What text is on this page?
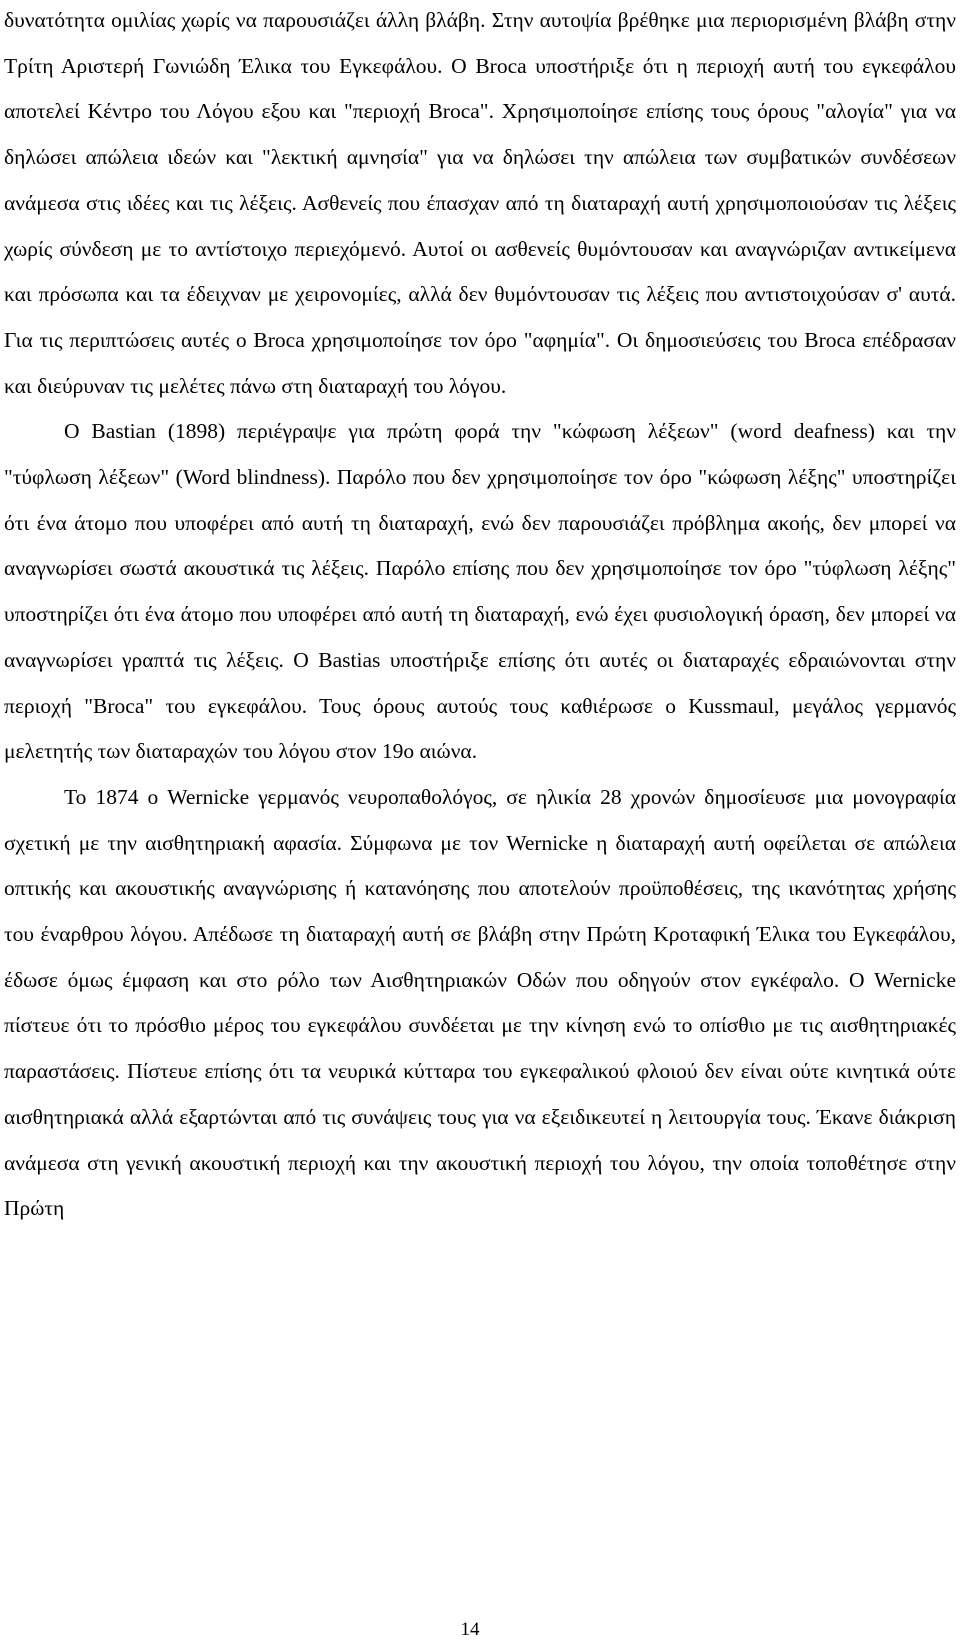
δυνατότητα ομιλίας χωρίς να παρουσιάζει άλλη βλάβη. Στην αυτοψία βρέθηκε μια περιορισμένη βλάβη στην Τρίτη Αριστερή Γωνιώδη Έλικα του Εγκεφάλου. Ο Broca υποστήριξε ότι η περιοχή αυτή του εγκεφάλου αποτελεί Κέντρο του Λόγου εξου και "περιοχή Broca". Χρησιμοποίησε επίσης τους όρους "αλογία" για να δηλώσει απώλεια ιδεών και "λεκτική αμνησία" για να δηλώσει την απώλεια των συμβατικών συνδέσεων ανάμεσα στις ιδέες και τις λέξεις. Ασθενείς που έπασχαν από τη διαταραχή αυτή χρησιμοποιούσαν τις λέξεις χωρίς σύνδεση με το αντίστοιχο περιεχόμενό. Αυτοί οι ασθενείς θυμόντουσαν και αναγνώριζαν αντικείμενα και πρόσωπα και τα έδειχναν με χειρονομίες, αλλά δεν θυμόντουσαν τις λέξεις που αντιστοιχούσαν σ' αυτά. Για τις περιπτώσεις αυτές ο Broca χρησιμοποίησε τον όρο "αφημία". Οι δημοσιεύσεις του Broca επέδρασαν και διεύρυναν τις μελέτες πάνω στη διαταραχή του λόγου.

Ο Bastian (1898) περιέγραψε για πρώτη φορά την "κώφωση λέξεων" (word deafness) και την "τύφλωση λέξεων" (Word blindness). Παρόλο που δεν χρησιμοποίησε τον όρο "κώφωση λέξης" υποστηρίζει ότι ένα άτομο που υποφέρει από αυτή τη διαταραχή, ενώ δεν παρουσιάζει πρόβλημα ακοής, δεν μπορεί να αναγνωρίσει σωστά ακουστικά τις λέξεις. Παρόλο επίσης που δεν χρησιμοποίησε τον όρο "τύφλωση λέξης" υποστηρίζει ότι ένα άτομο που υποφέρει από αυτή τη διαταραχή, ενώ έχει φυσιολογική όραση, δεν μπορεί να αναγνωρίσει γραπτά τις λέξεις. Ο Bastias υποστήριξε επίσης ότι αυτές οι διαταραχές εδραιώνονται στην περιοχή "Broca" του εγκεφάλου. Τους όρους αυτούς τους καθιέρωσε ο Kussmaul, μεγάλος γερμανός μελετητής των διαταραχών του λόγου στον 19ο αιώνα.

Το 1874 ο Wernicke γερμανός νευροπαθολόγος, σε ηλικία 28 χρονών δημοσίευσε μια μονογραφία σχετική με την αισθητηριακή αφασία. Σύμφωνα με τον Wernicke η διαταραχή αυτή οφείλεται σε απώλεια οπτικής και ακουστικής αναγνώρισης ή κατανόησης που αποτελούν προϋποθέσεις, της ικανότητας χρήσης του έναρθρου λόγου. Απέδωσε τη διαταραχή αυτή σε βλάβη στην Πρώτη Κροταφική Έλικα του Εγκεφάλου, έδωσε όμως έμφαση και στο ρόλο των Αισθητηριακών Οδών που οδηγούν στον εγκέφαλο. Ο Wernicke πίστευε ότι το πρόσθιο μέρος του εγκεφάλου συνδέεται με την κίνηση ενώ το οπίσθιο με τις αισθητηριακές παραστάσεις. Πίστευε επίσης ότι τα νευρικά κύτταρα του εγκεφαλικού φλοιού δεν είναι ούτε κινητικά ούτε αισθητηριακά αλλά εξαρτώνται από τις συνάψεις τους για να εξειδικευτεί η λειτουργία τους. Έκανε διάκριση ανάμεσα στη γενική ακουστική περιοχή και την ακουστική περιοχή του λόγου, την οποία τοποθέτησε στην Πρώτη

14
